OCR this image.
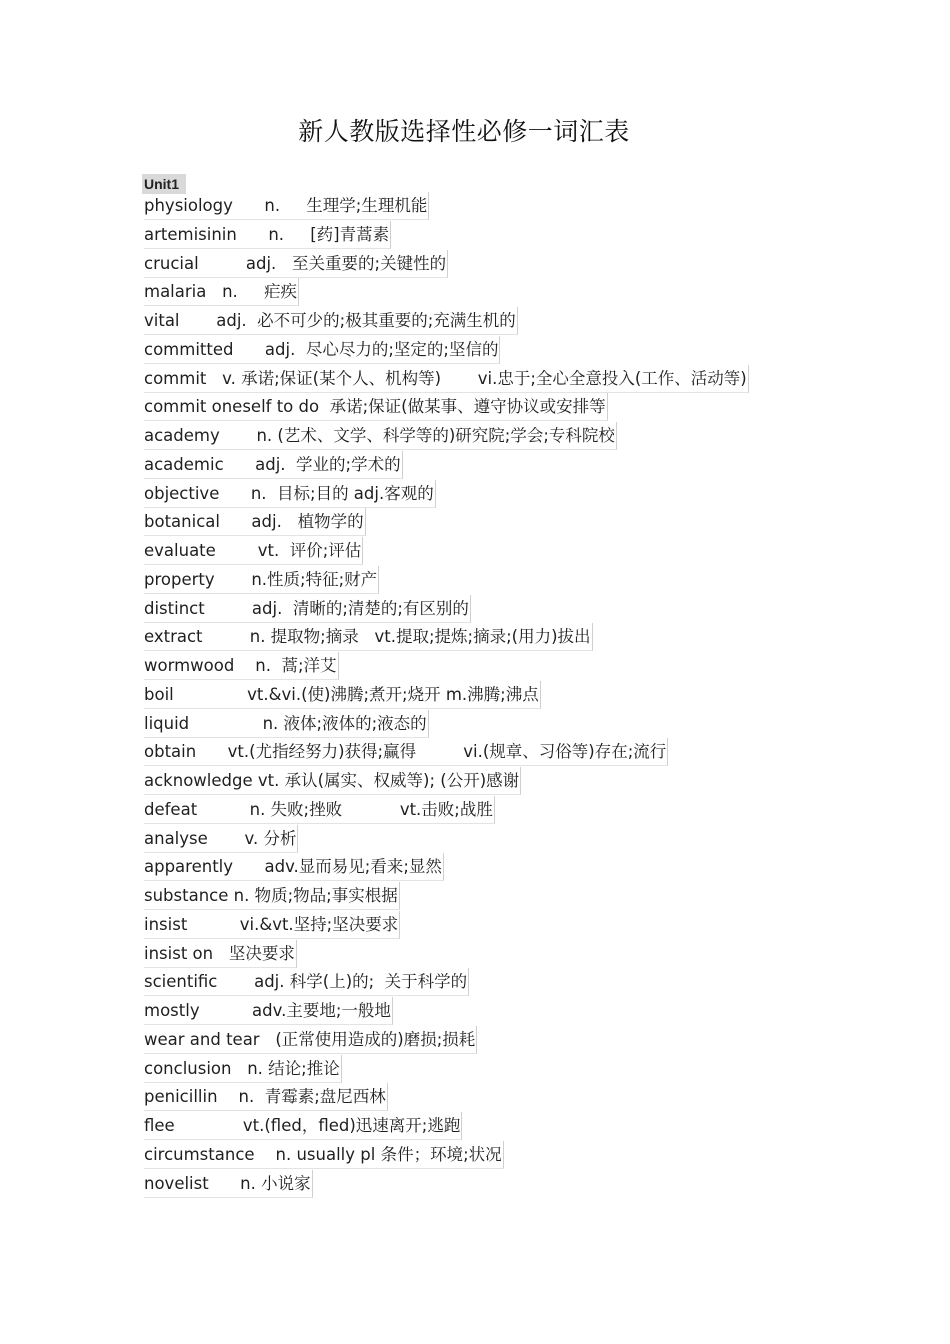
新人教版选择性必修一词汇表
Unit1
physiology      n.     生理学;生理机能
artemisinin      n.     [药]青蒿素
crucial         adj.   至关重要的;关键性的
malaria   n.     疟疾
vital       adj.  必不可少的;极其重要的;充满生机的
committed      adj.  尽心尽力的;坚定的;坚信的
commit   v. 承诺;保证(某个人、机构等)       vi.忠于;全心全意投入(工作、活动等)
commit oneself to do  承诺;保证(做某事、遵守协议或安排等
academy       n. (艺术、文学、科学等的)研究院;学会;专科院校
academic      adj.  学业的;学术的
objective      n.  目标;目的 adj.客观的
botanical      adj.   植物学的
evaluate        vt.  评价;评估
property       n.性质;特征;财产
distinct         adj.  清晰的;清楚的;有区别的
extract         n. 提取物;摘录   vt.提取;提炼;摘录;(用力)拔出
wormwood    n.  蒿;洋艾
boil              vt.&vi.(使)沸腾;煮开;烧开 m.沸腾;沸点
liquid              n. 液体;液体的;液态的
obtain      vt.(尤指经努力)获得;赢得         vi.(规章、习俗等)存在;流行
acknowledge vt. 承认(属实、权威等); (公开)感谢
defeat          n. 失败;挫败           vt.击败;战胜
analyse       v. 分析
apparently      adv.显而易见;看来;显然
substance n. 物质;物品;事实根据
insist          vi.&vt.坚持;坚决要求
insist on   坚决要求
scientific       adj. 科学(上)的;  关于科学的
mostly          adv.主要地;一般地
wear and tear   (正常使用造成的)磨损;损耗
conclusion   n. 结论;推论
penicillin    n.  青霉素;盘尼西林
flee             vt.(fled，fled)迅速离开;逃跑
circumstance    n. usually pl 条件；环境;状况
novelist      n. 小说家
